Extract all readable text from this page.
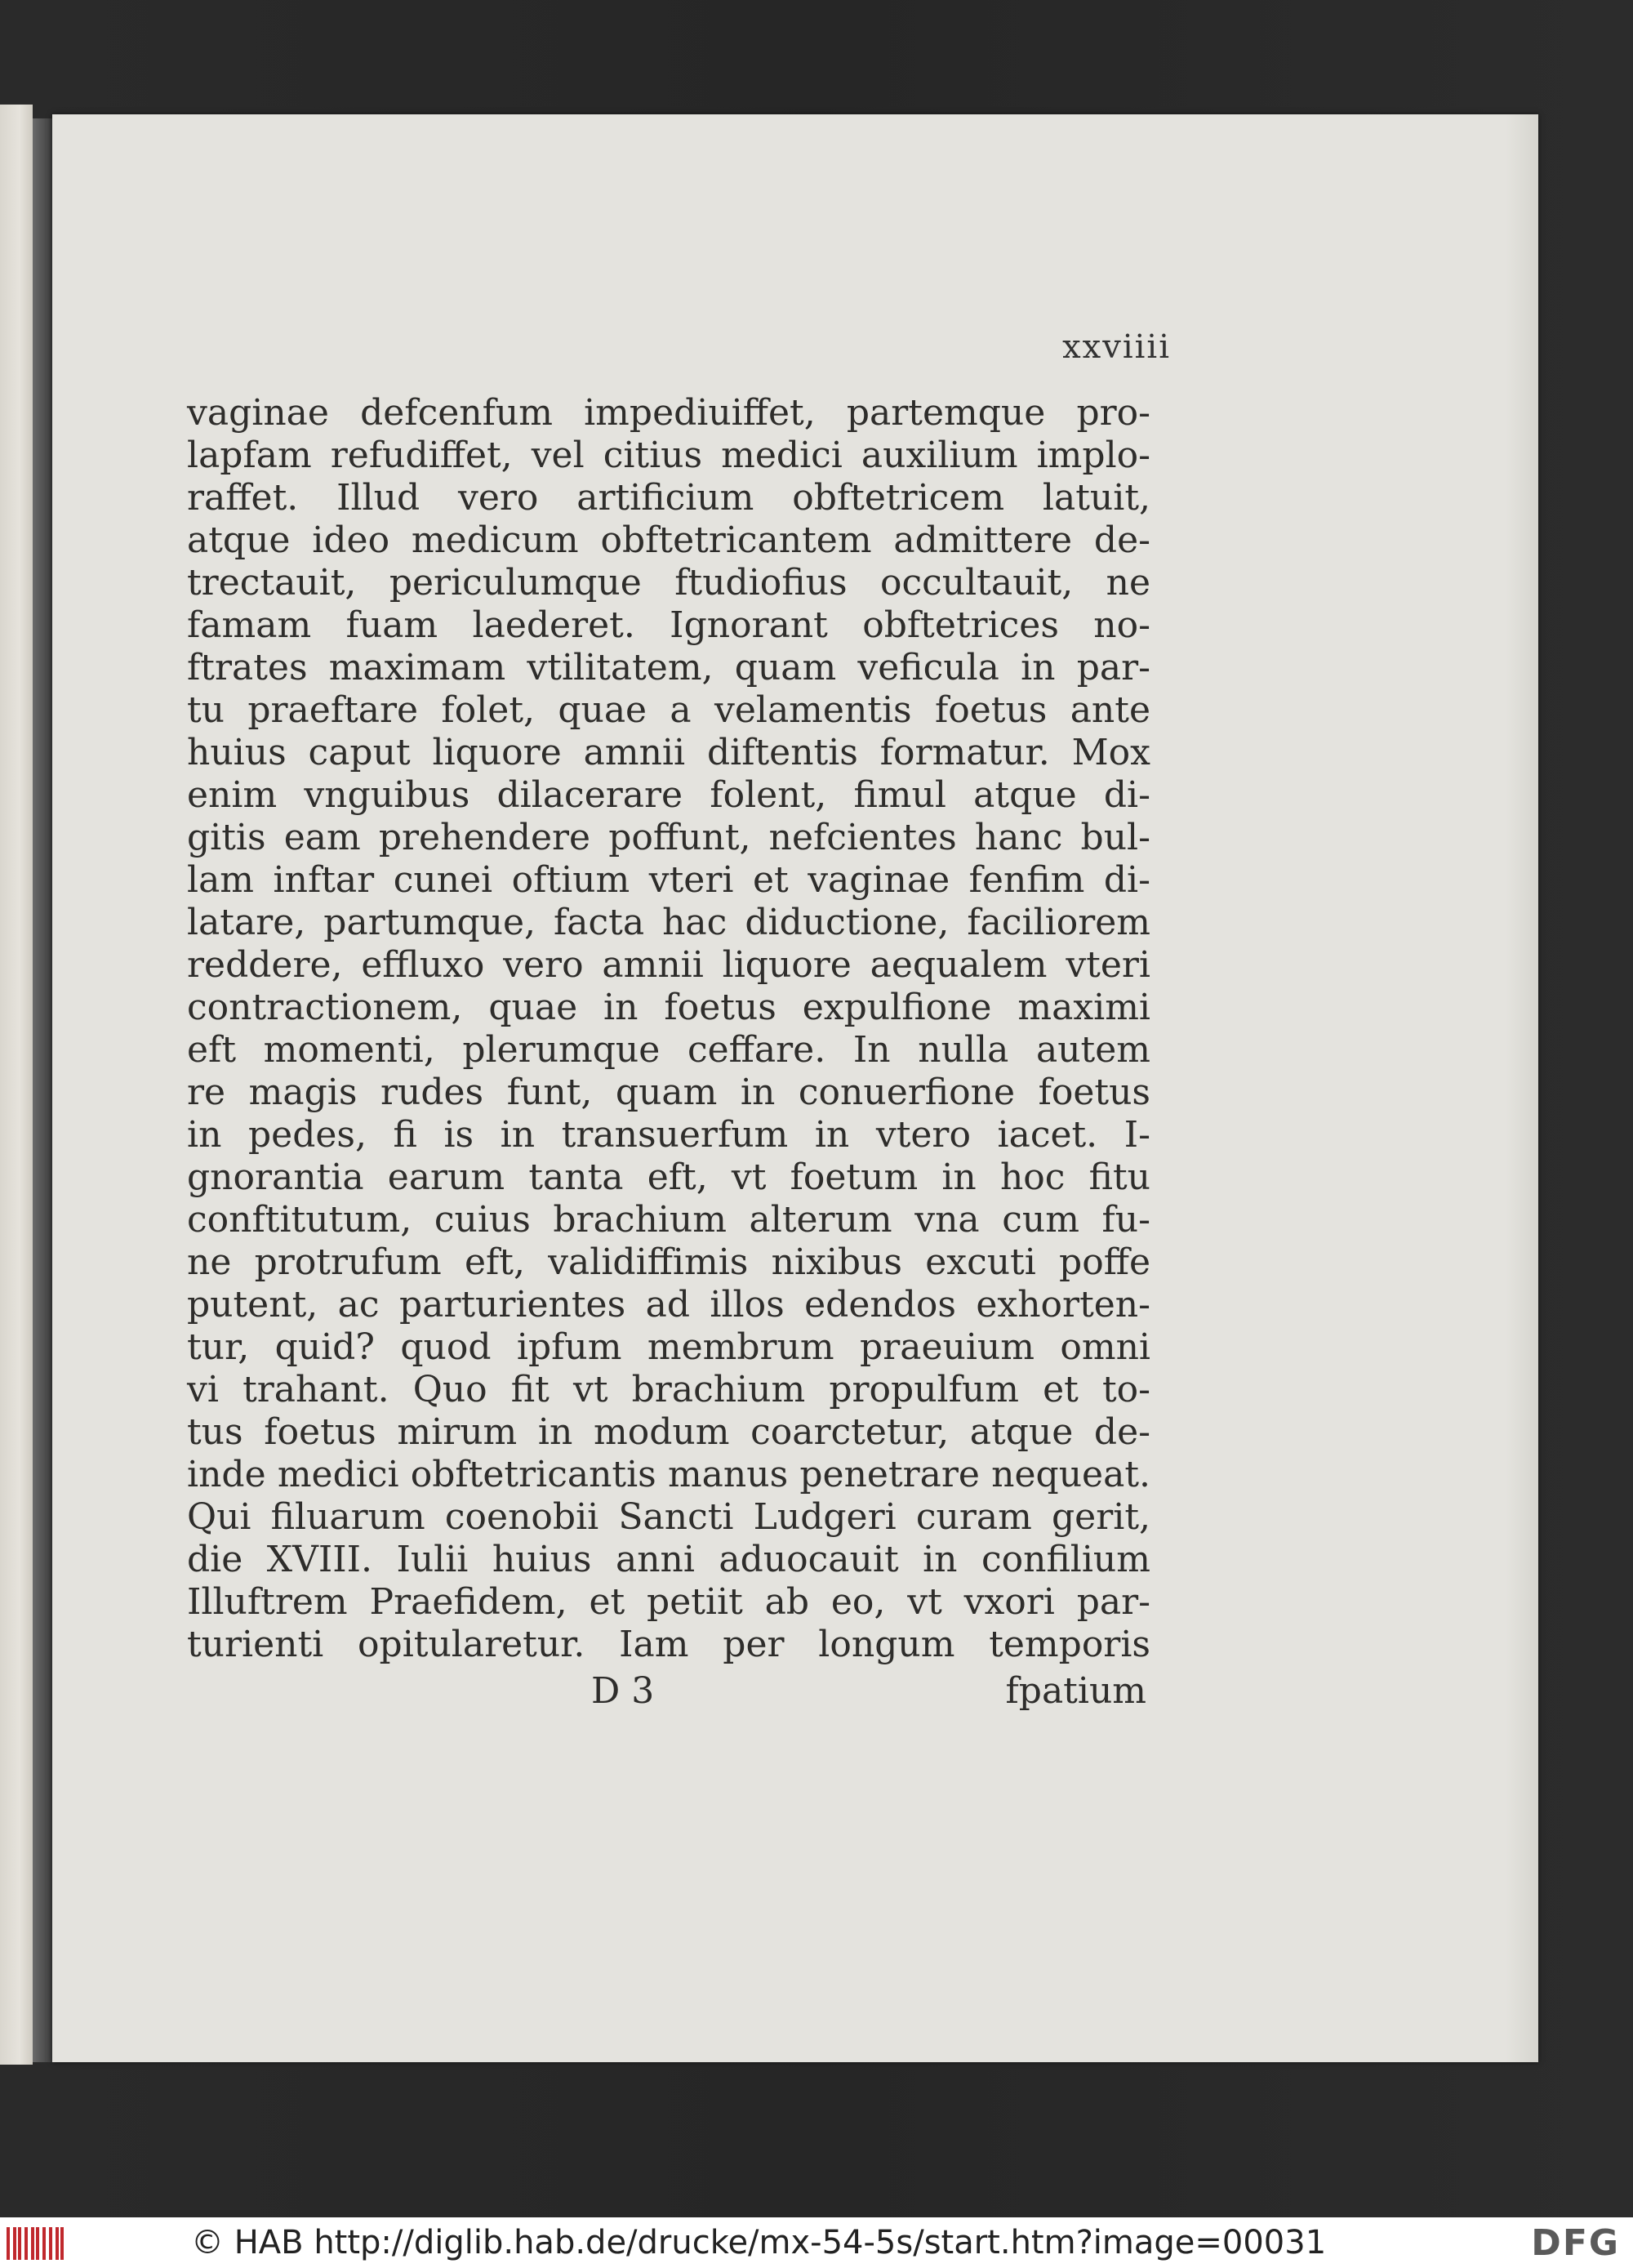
xxviiii
vaginae defcenfum impediuiffet, partemque pro-
lapfam refudiffet, vel citius medici auxilium implo-
raffet. Illud vero artificium obftetricem latuit,
atque ideo medicum obftetricantem admittere de-
trectauit, periculumque ftudiofius occultauit, ne
famam fuam laederet. Ignorant obftetrices no-
ftrates maximam vtilitatem, quam veficula in par-
tu praeftare folet, quae a velamentis foetus ante
huius caput liquore amnii diftentis formatur. Mox
enim vnguibus dilacerare folent, fimul atque di-
gitis eam prehendere poffunt, nefcientes hanc bul-
lam inftar cunei oftium vteri et vaginae fenfim di-
latare, partumque, facta hac diductione, faciliorem
reddere, effluxo vero amnii liquore aequalem vteri
contractionem, quae in foetus expulfione maximi
eft momenti, plerumque ceffare. In nulla autem
re magis rudes funt, quam in conuerfione foetus
in pedes, fi is in transuerfum in vtero iacet. I-
gnorantia earum tanta eft, vt foetum in hoc fitu
conftitutum, cuius brachium alterum vna cum fu-
ne protrufum eft, validiffimis nixibus excuti poffe
putent, ac parturientes ad illos edendos exhorten-
tur, quid? quod ipfum membrum praeuium omni
vi trahant. Quo fit vt brachium propulfum et to-
tus foetus mirum in modum coarctetur, atque de-
inde medici obftetricantis manus penetrare nequeat.
Qui filuarum coenobii Sancti Ludgeri curam gerit,
die XVIII. Iulii huius anni aduocauit in confilium
Illuftrem Praefidem, et petiit ab eo, vt vxori par-
turienti opitularetur. Iam per longum temporis
D 3	fpatium
© HAB http://diglib.hab.de/drucke/mx-54-5s/start.htm?image=00031	DFG
